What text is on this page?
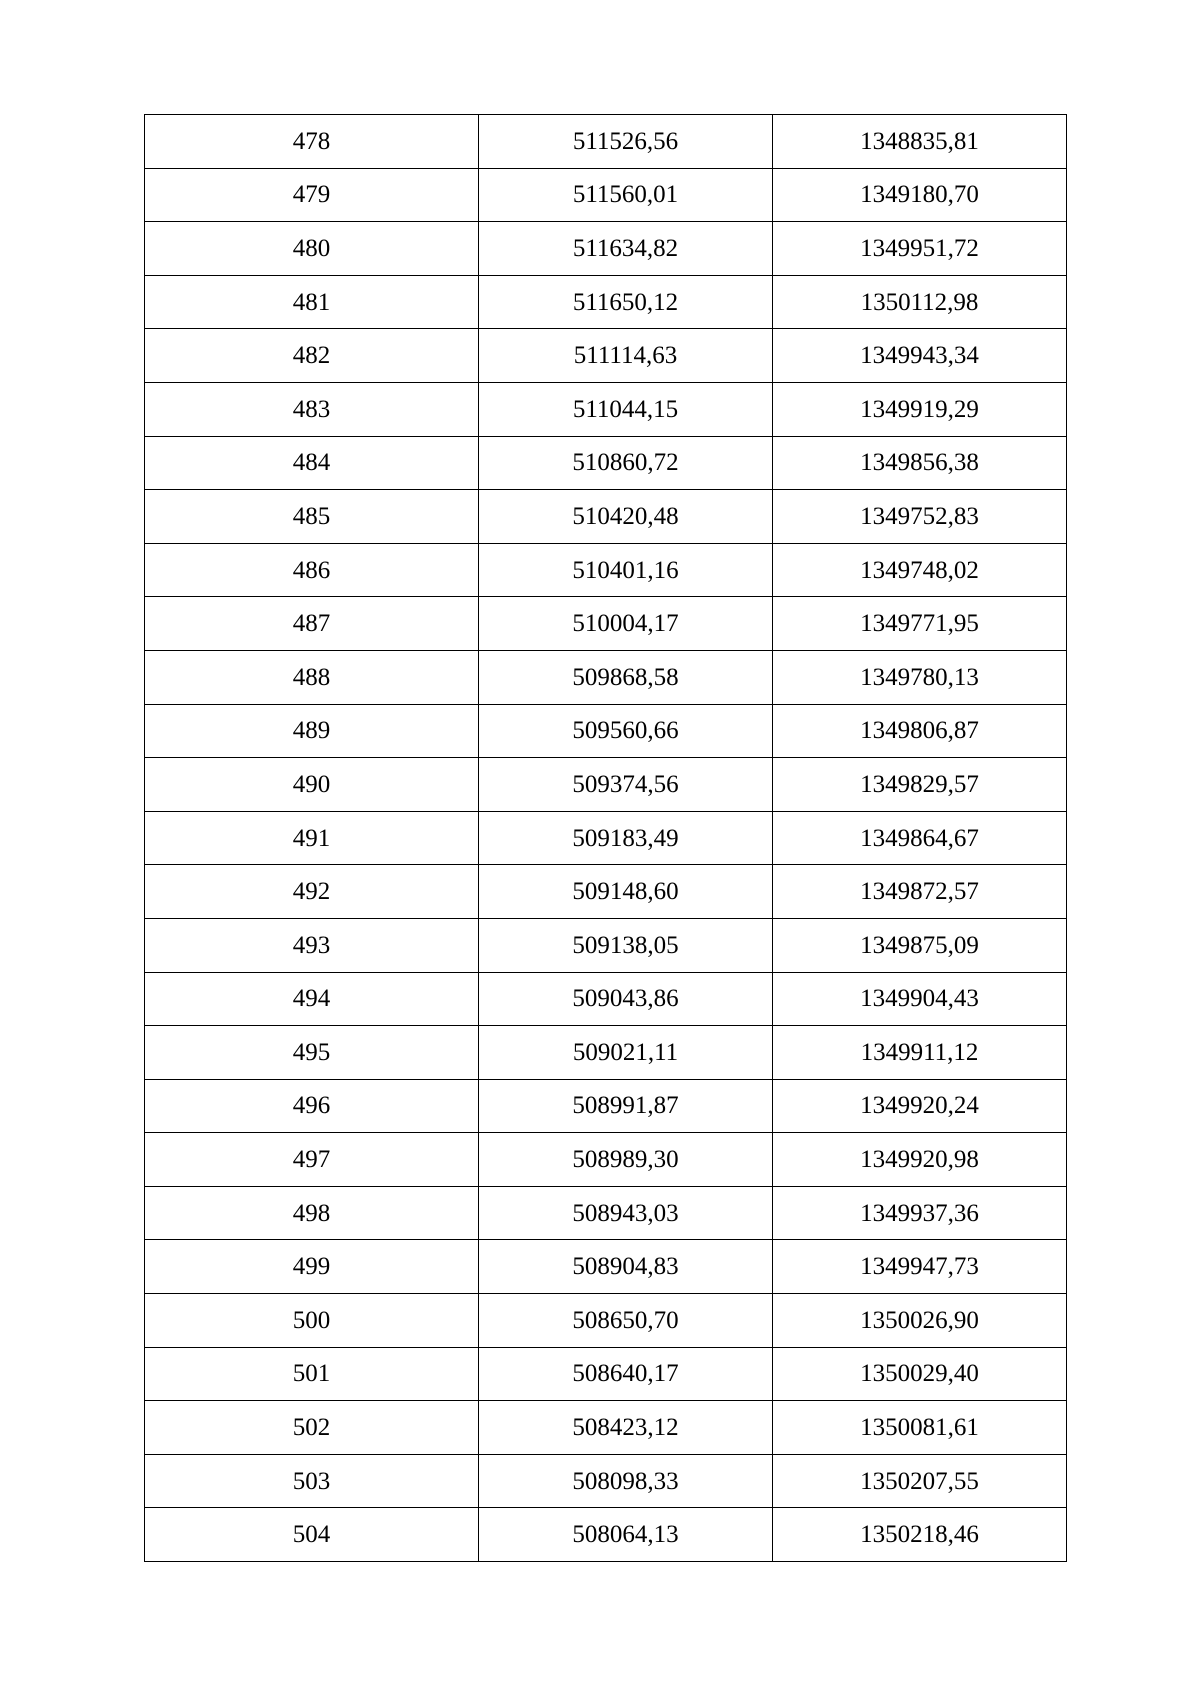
478	511526,56	1348835,81
479	511560,01	1349180,70
480	511634,82	1349951,72
481	511650,12	1350112,98
482	511114,63	1349943,34
483	511044,15	1349919,29
484	510860,72	1349856,38
485	510420,48	1349752,83
486	510401,16	1349748,02
487	510004,17	1349771,95
488	509868,58	1349780,13
489	509560,66	1349806,87
490	509374,56	1349829,57
491	509183,49	1349864,67
492	509148,60	1349872,57
493	509138,05	1349875,09
494	509043,86	1349904,43
495	509021,11	1349911,12
496	508991,87	1349920,24
497	508989,30	1349920,98
498	508943,03	1349937,36
499	508904,83	1349947,73
500	508650,70	1350026,90
501	508640,17	1350029,40
502	508423,12	1350081,61
503	508098,33	1350207,55
504	508064,13	1350218,46
